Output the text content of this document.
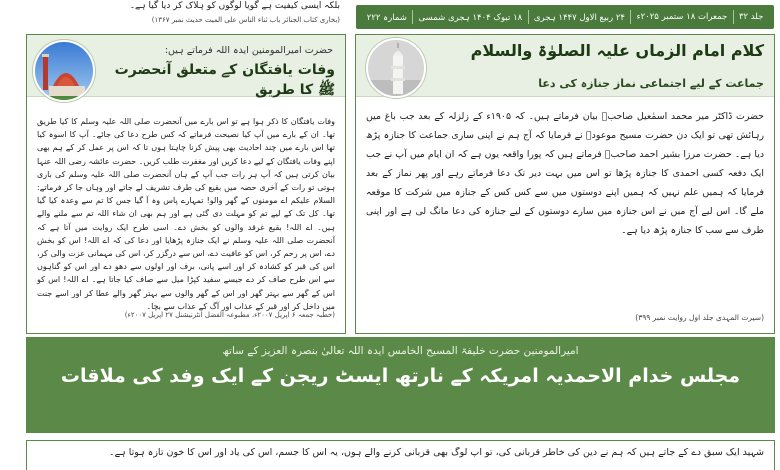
بلکہ ایسی کیفیت ہے گویا لوگوں کو ہلاک کر دیا گیا ہے۔
(بخاری کتاب الجنائز باب ثناء الناس علی المیت حدیث نمبر ۱۳۶۷)	جلد ۳۲
جمعرات ۱۸ ستمبر ۲۰۲۵ء
۲۴ ربیع الاول ۱۴۴۷ ہجری
۱۸ تبوک ۱۴۰۴ ہجری شمسی
شمارہ ۲۲۲
حضرت امیرالمومنین ایدہ اللہ فرماتے ہیں:
وفات یافتگان کے متعلق آنحضرت ﷺ کا طریق
وفات یافتگان کا ذکر ہوا ہے تو اس بارے میں آنحضرت صلی اللہ علیہ وسلم کا کیا طریق تھا۔ ان کے بارے میں آپ کیا نصیحت فرماتے کہ کس طرح دعا کی جائے۔ آپ کا اسوہ کیا تھا اس بارے میں چند احادیث بھی پیش کرنا چاہتا ہوں تا کہ اس پر عمل کر کے ہم بھی اپنے وفات یافتگان کے لیے دعا کریں اور مغفرت طلب کریں۔ حضرت عائشہ رضی اللہ عنہا بیان کرتی ہیں کہ آپ ہر رات جب آپ کے ہاں آنحضرت صلی اللہ علیہ وسلم کی باری ہوتی تو رات کے آخری حصہ میں بقیع کی طرف تشریف لے جاتے اور وہاں جا کر فرماتے: السلام علیکم اے مومنوں کے گھر والو! تمہارے پاس وہ آ گیا جس کا تم سے وعدہ کیا گیا تھا۔ کل تک کے لیے تم کو مہلت دی گئی ہے اور ہم بھی ان شاء اللہ تم سے ملنے والے ہیں۔ اے اللہ! بقیع غرقد والوں کو بخش دے۔ اسی طرح ایک روایت میں آتا ہے کہ آنحضرت صلی اللہ علیہ وسلم نے ایک جنازہ پڑھایا اور دعا کی کہ اے اللہ! اس کو بخش دے، اس پر رحم کر، اس کو عافیت دے، اس سے درگزر کر، اس کی مہمانی عزت والی کر، اس کی قبر کو کشادہ کر اور اسے پانی، برف اور اولوں سے دھو دے اور اس کو گناہوں سے اس طرح صاف کر دے جیسے سفید کپڑا میل سے صاف کیا جاتا ہے۔ اے اللہ! اس کو اس کے گھر سے بہتر گھر اور اس کے گھر والوں سے بہتر گھر والے عطا کر اور اسے جنت میں داخل کر اور قبر کے عذاب اور آگ کے عذاب سے بچا۔
(خطبہ جمعہ ۶ اپریل ۲۰۰۷ء، مطبوعہ الفضل انٹرنیشنل ۲۷ اپریل ۲۰۰۷ء)
کلام امام الزماں علیہ الصلوٰۃ والسلام
جماعت کے لیے اجتماعی نماز جنازہ کی دعا
حضرت ڈاکٹر میر محمد اسمٰعیل صاحبؓ بیان فرماتے ہیں۔ کہ ۱۹۰۵ء کے زلزلہ کے بعد جب باغ میں رہائش تھی تو ایک دن حضرت مسیح موعودؑ نے فرمایا کہ آج ہم نے اپنی ساری جماعت کا جنازہ پڑھ دیا ہے۔ حضرت مرزا بشیر احمد صاحبؓ فرماتے ہیں کہ پورا واقعہ یوں ہے کہ ان ایام میں آپ نے جب ایک دفعہ کسی احمدی کا جنازہ پڑھا تو اس میں بہت دیر تک دعا فرماتے رہے اور پھر نماز کے بعد فرمایا کہ ہمیں علم نہیں کہ ہمیں اپنے دوستوں میں سے کس کس کے جنازہ میں شرکت کا موقعہ ملے گا۔ اس لیے آج میں نے اس جنازہ میں سارے دوستوں کے لیے جنازہ کی دعا مانگ لی ہے اور اپنی طرف سے سب کا جنازہ پڑھ دیا ہے۔
(سیرت المہدی جلد اول روایت نمبر ۳۹۹)
امیرالمومنین حضرت خلیفۃ المسیح الخامس ایدہ اللہ تعالیٰ بنصرہ العزیز کے ساتھ
مجلس خدام الاحمدیہ امریکہ کے نارتھ ایسٹ ریجن کے ایک وفد کی ملاقات
شہید ایک سبق دے کے جاتے ہیں کہ ہم نے دین کی خاطر قربانی کی، تو آپ لوگ بھی قربانی کرنے والے ہوں، یہ اس کا جسم، اس کی یاد اور اس کا خون تازہ ہوتا ہے۔
